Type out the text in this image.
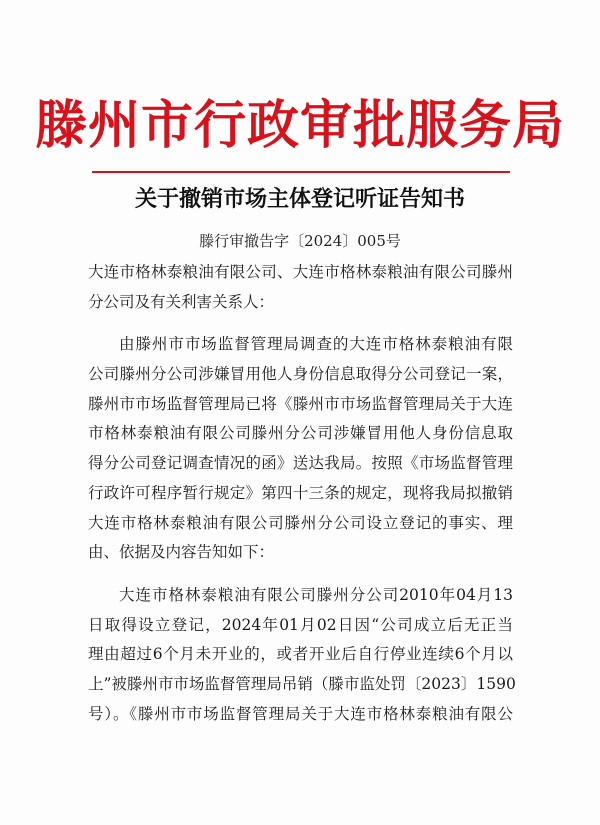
滕州市行政审批服务局
关于撤销市场主体登记听证告知书
滕行审撤告字〔2024〕005号
大连市格林泰粮油有限公司、大连市格林泰粮油有限公司滕州
分公司及有关利害关系人：
由滕州市市场监督管理局调查的大连市格林泰粮油有限
公司滕州分公司涉嫌冒用他人身份信息取得分公司登记一案，
滕州市市场监督管理局已将《滕州市市场监督管理局关于大连
市格林泰粮油有限公司滕州分公司涉嫌冒用他人身份信息取
得分公司登记调查情况的函》送达我局。按照《市场监督管理
行政许可程序暂行规定》第四十三条的规定，现将我局拟撤销
大连市格林泰粮油有限公司滕州分公司设立登记的事实、理
由、依据及内容告知如下：
大连市格林泰粮油有限公司滕州分公司2010年04月13
日取得设立登记，2024年01月02日因“公司成立后无正当
理由超过6个月未开业的，或者开业后自行停业连续6个月以
上”被滕州市市场监督管理局吊销（滕市监处罚〔2023〕1590
号）。《滕州市市场监督管理局关于大连市格林泰粮油有限公
